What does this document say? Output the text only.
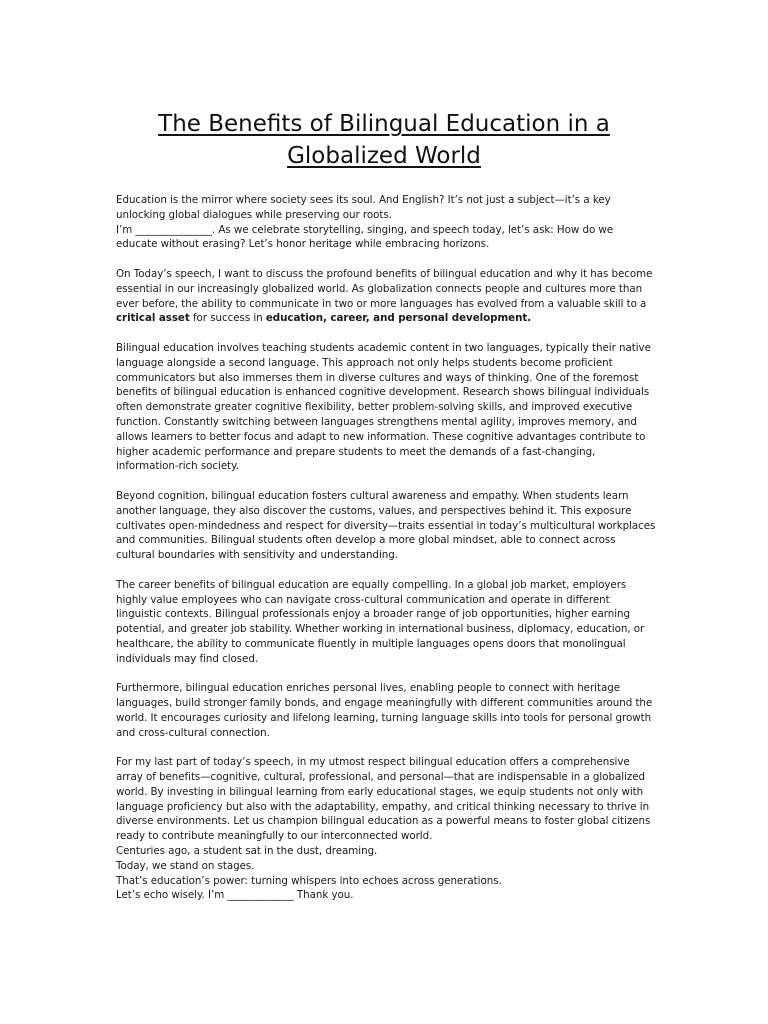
The Benefits of Bilingual Education in a
Globalized World

Education is the mirror where society sees its soul. And English? It’s not just a subject—it’s a key unlocking global dialogues while preserving our roots.
I’m _______________. As we celebrate storytelling, singing, and speech today, let’s ask: How do we educate without erasing? Let’s honor heritage while embracing horizons.

On Today’s speech, I want to discuss the profound benefits of bilingual education and why it has become essential in our increasingly globalized world. As globalization connects people and cultures more than ever before, the ability to communicate in two or more languages has evolved from a valuable skill to a critical asset for success in education, career, and personal development.

Bilingual education involves teaching students academic content in two languages, typically their native language alongside a second language. This approach not only helps students become proficient communicators but also immerses them in diverse cultures and ways of thinking. One of the foremost benefits of bilingual education is enhanced cognitive development. Research shows bilingual individuals often demonstrate greater cognitive flexibility, better problem-solving skills, and improved executive function. Constantly switching between languages strengthens mental agility, improves memory, and allows learners to better focus and adapt to new information. These cognitive advantages contribute to higher academic performance and prepare students to meet the demands of a fast-changing, information-rich society.

Beyond cognition, bilingual education fosters cultural awareness and empathy. When students learn another language, they also discover the customs, values, and perspectives behind it. This exposure cultivates open-mindedness and respect for diversity—traits essential in today’s multicultural workplaces and communities. Bilingual students often develop a more global mindset, able to connect across cultural boundaries with sensitivity and understanding.

The career benefits of bilingual education are equally compelling. In a global job market, employers highly value employees who can navigate cross-cultural communication and operate in different linguistic contexts. Bilingual professionals enjoy a broader range of job opportunities, higher earning potential, and greater job stability. Whether working in international business, diplomacy, education, or healthcare, the ability to communicate fluently in multiple languages opens doors that monolingual individuals may find closed.

Furthermore, bilingual education enriches personal lives, enabling people to connect with heritage languages, build stronger family bonds, and engage meaningfully with different communities around the world. It encourages curiosity and lifelong learning, turning language skills into tools for personal growth and cross-cultural connection.

For my last part of today’s speech, in my utmost respect bilingual education offers a comprehensive array of benefits—cognitive, cultural, professional, and personal—that are indispensable in a globalized world. By investing in bilingual learning from early educational stages, we equip students not only with language proficiency but also with the adaptability, empathy, and critical thinking necessary to thrive in diverse environments. Let us champion bilingual education as a powerful means to foster global citizens ready to contribute meaningfully to our interconnected world.
Centuries ago, a student sat in the dust, dreaming.
Today, we stand on stages.
That’s education’s power: turning whispers into echoes across generations.
Let’s echo wisely. I’m _____________ Thank you.
